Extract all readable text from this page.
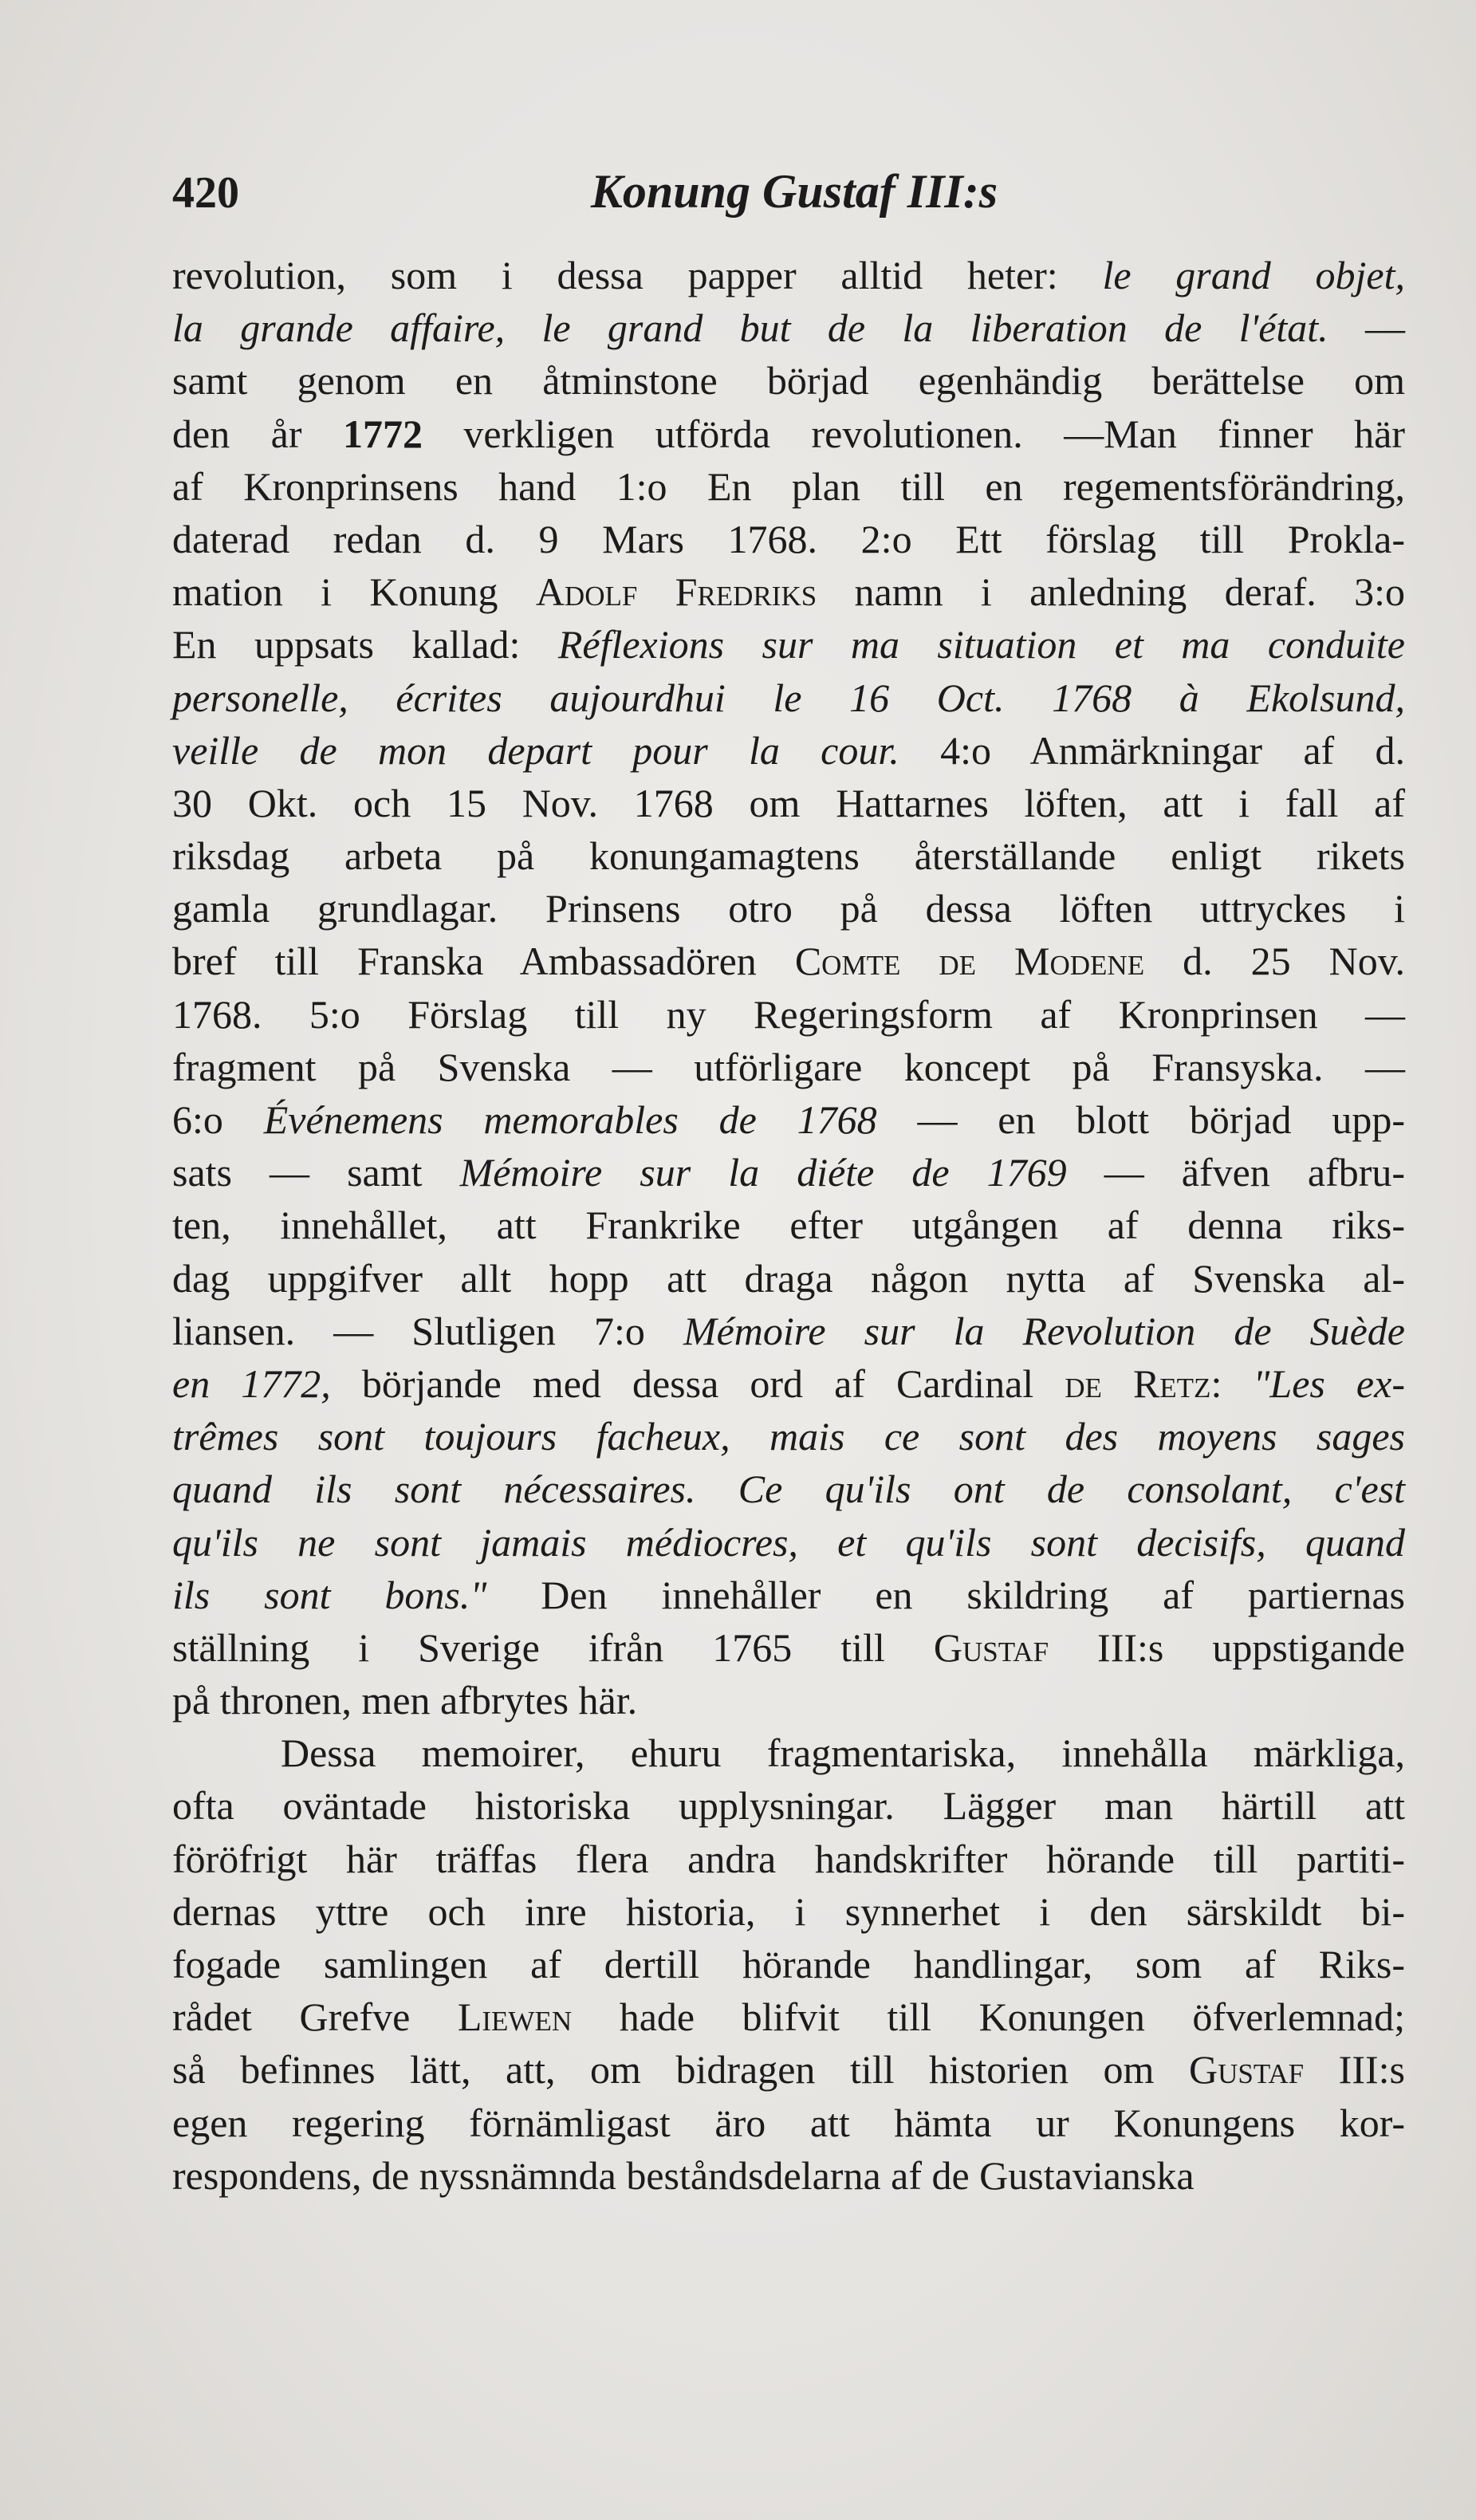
420	Konung Gustaf III:s
revolution, som i dessa papper alltid heter: le grand objet,
la grande affaire, le grand but de la liberation de l'état. —
samt genom en åtminstone börjad egenhändig berättelse om
den år 1772 verkligen utförda revolutionen. —Man finner här
af Kronprinsens hand 1:o En plan till en regementsförändring,
daterad redan d. 9 Mars 1768. 2:o Ett förslag till Prokla-
mation i Konung Adolf Fredriks namn i anledning deraf. 3:o
En uppsats kallad: Réflexions sur ma situation et ma conduite
personelle, écrites aujourdhui le 16 Oct. 1768 à Ekolsund,
veille de mon depart pour la cour. 4:o Anmärkningar af d.
30 Okt. och 15 Nov. 1768 om Hattarnes löften, att i fall af
riksdag arbeta på konungamagtens återställande enligt rikets
gamla grundlagar. Prinsens otro på dessa löften uttryckes i
bref till Franska Ambassadören Comte de Modene d. 25 Nov.
1768. 5:o Förslag till ny Regeringsform af Kronprinsen —
fragment på Svenska — utförligare koncept på Fransyska. —
6:o Événemens memorables de 1768 — en blott börjad upp-
sats — samt Mémoire sur la diéte de 1769 — äfven afbru-
ten, innehållet, att Frankrike efter utgången af denna riks-
dag uppgifver allt hopp att draga någon nytta af Svenska al-
liansen. — Slutligen 7:o Mémoire sur la Revolution de Suède
en 1772, börjande med dessa ord af Cardinal de Retz: "Les ex-
trêmes sont toujours facheux, mais ce sont des moyens sages
quand ils sont nécessaires. Ce qu'ils ont de consolant, c'est
qu'ils ne sont jamais médiocres, et qu'ils sont decisifs, quand
ils sont bons." Den innehåller en skildring af partiernas
ställning i Sverige ifrån 1765 till Gustaf III:s uppstigande
på thronen, men afbrytes här.
Dessa memoirer, ehuru fragmentariska, innehålla märkliga,
ofta oväntade historiska upplysningar. Lägger man härtill att
föröfrigt här träffas flera andra handskrifter hörande till partiti-
dernas yttre och inre historia, i synnerhet i den särskildt bi-
fogade samlingen af dertill hörande handlingar, som af Riks-
rådet Grefve Liewen hade blifvit till Konungen öfverlemnad;
så befinnes lätt, att, om bidragen till historien om Gustaf III:s
egen regering förnämligast äro att hämta ur Konungens kor-
respondens, de nyssnämnda beståndsdelarna af de Gustavianska
